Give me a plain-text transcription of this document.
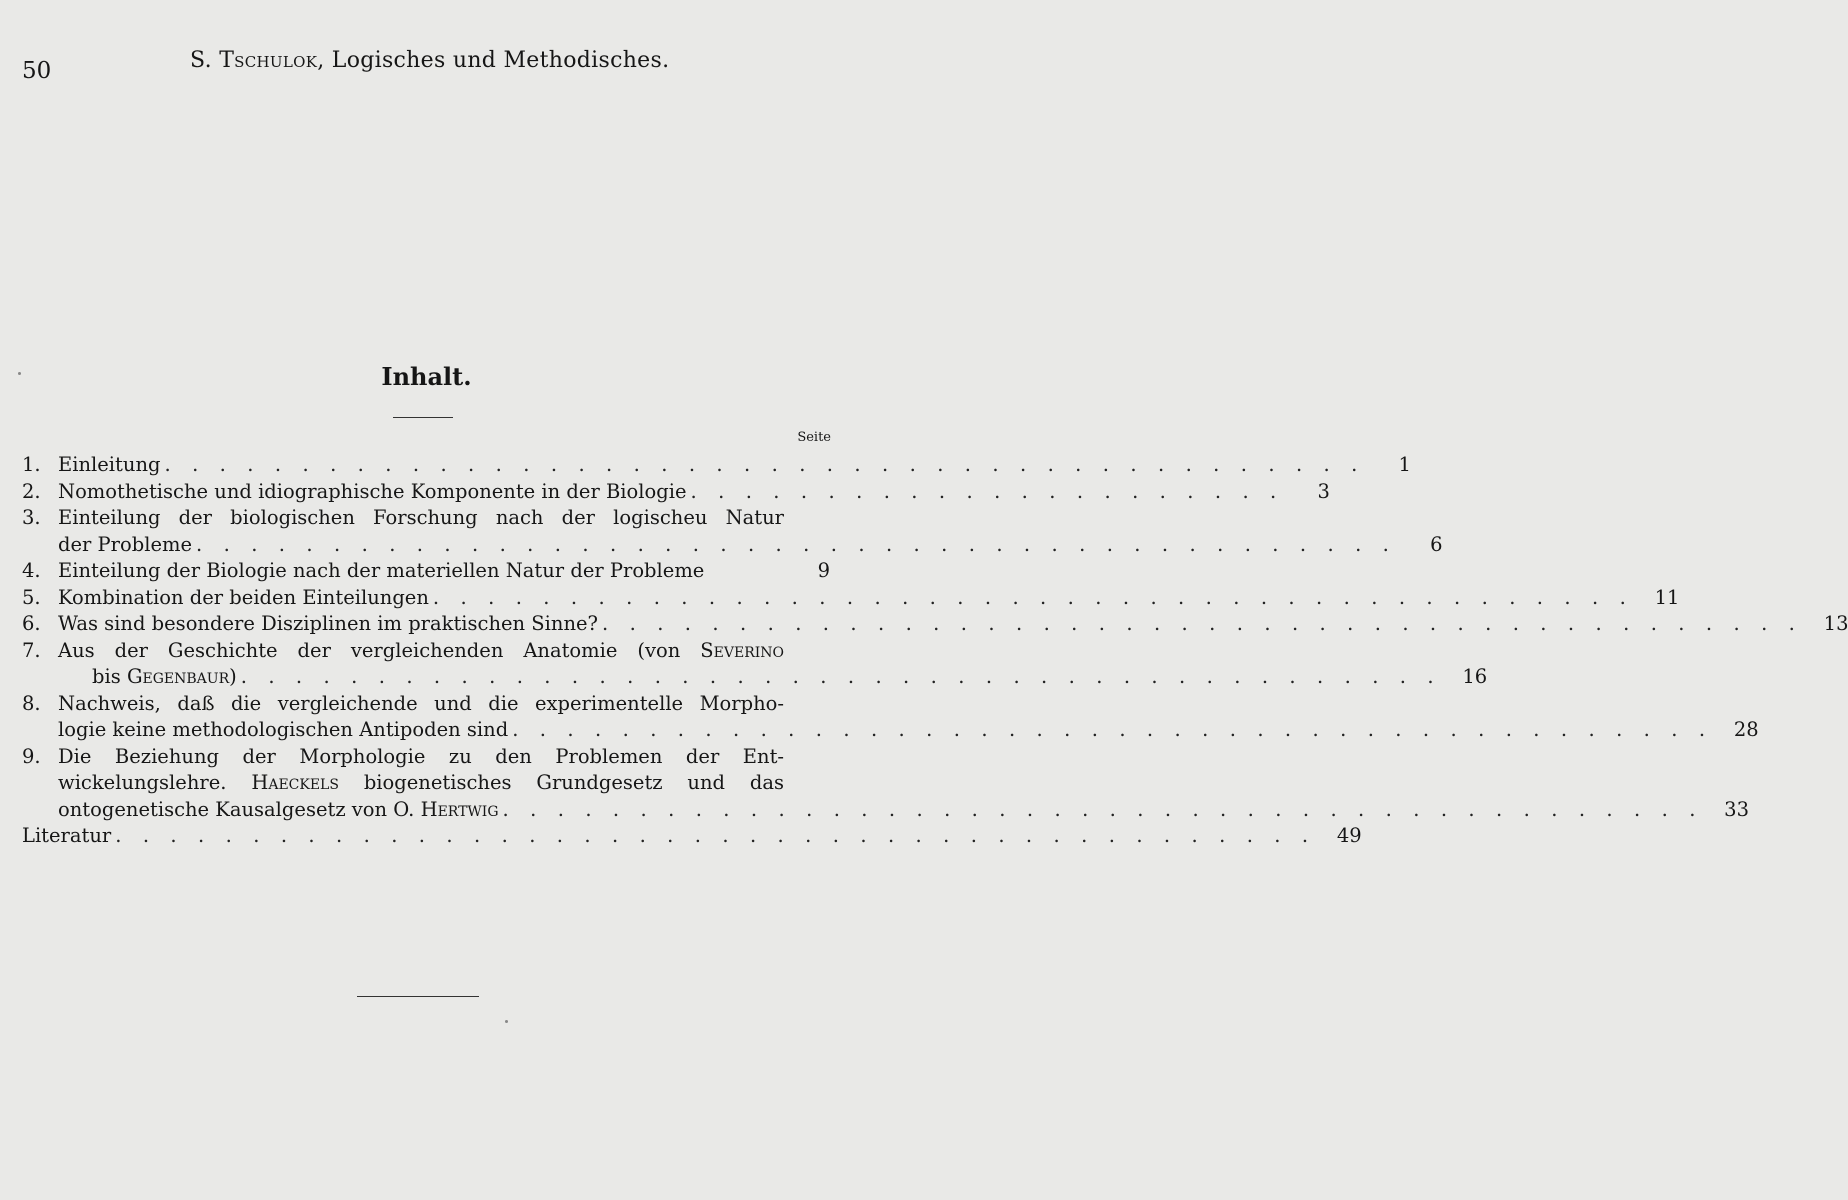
50	S. Tschulok, Logisches und Methodisches.
Inhalt.
Seite
1. Einleitung . . . . . . . . . . . . . . . . . . . . . . . . . . . . . . . . . . . . . . . . . . . .	1
2. Nomothetische und idiographische Komponente in der Biologie . . . . . . . . . . . . . . . . . . . . . .	3
3. Einteilung der biologischen Forschung nach der logischeu Natur
der Probleme . . . . . . . . . . . . . . . . . . . . . . . . . . . . . . . . . . . . . . . . . . . .	6
4. Einteilung der Biologie nach der materiellen Natur der Probleme	9
5. Kombination der beiden Einteilungen . . . . . . . . . . . . . . . . . . . . . . . . . . . . . . . . . . . . . . . . . . . .	11
6. Was sind besondere Disziplinen im praktischen Sinne? . . . . . . . . . . . . . . . . . . . . . . . . . . . . . . . . . . . . . . . . . . . .	13
7. Aus der Geschichte der vergleichenden Anatomie (von Severino
bis Gegenbaur) . . . . . . . . . . . . . . . . . . . . . . . . . . . . . . . . . . . . . . . . . . . .	16
8. Nachweis, daß die vergleichende und die experimentelle Morpho-
logie keine methodologischen Antipoden sind . . . . . . . . . . . . . . . . . . . . . . . . . . . . . . . . . . . . . . . . . . . .	28
9. Die Beziehung der Morphologie zu den Problemen der Ent-
wickelungslehre. Haeckels biogenetisches Grundgesetz und das
ontogenetische Kausalgesetz von O. Hertwig . . . . . . . . . . . . . . . . . . . . . . . . . . . . . . . . . . . . . . . . . . . .	33
Literatur . . . . . . . . . . . . . . . . . . . . . . . . . . . . . . . . . . . . . . . . . . . .	49
